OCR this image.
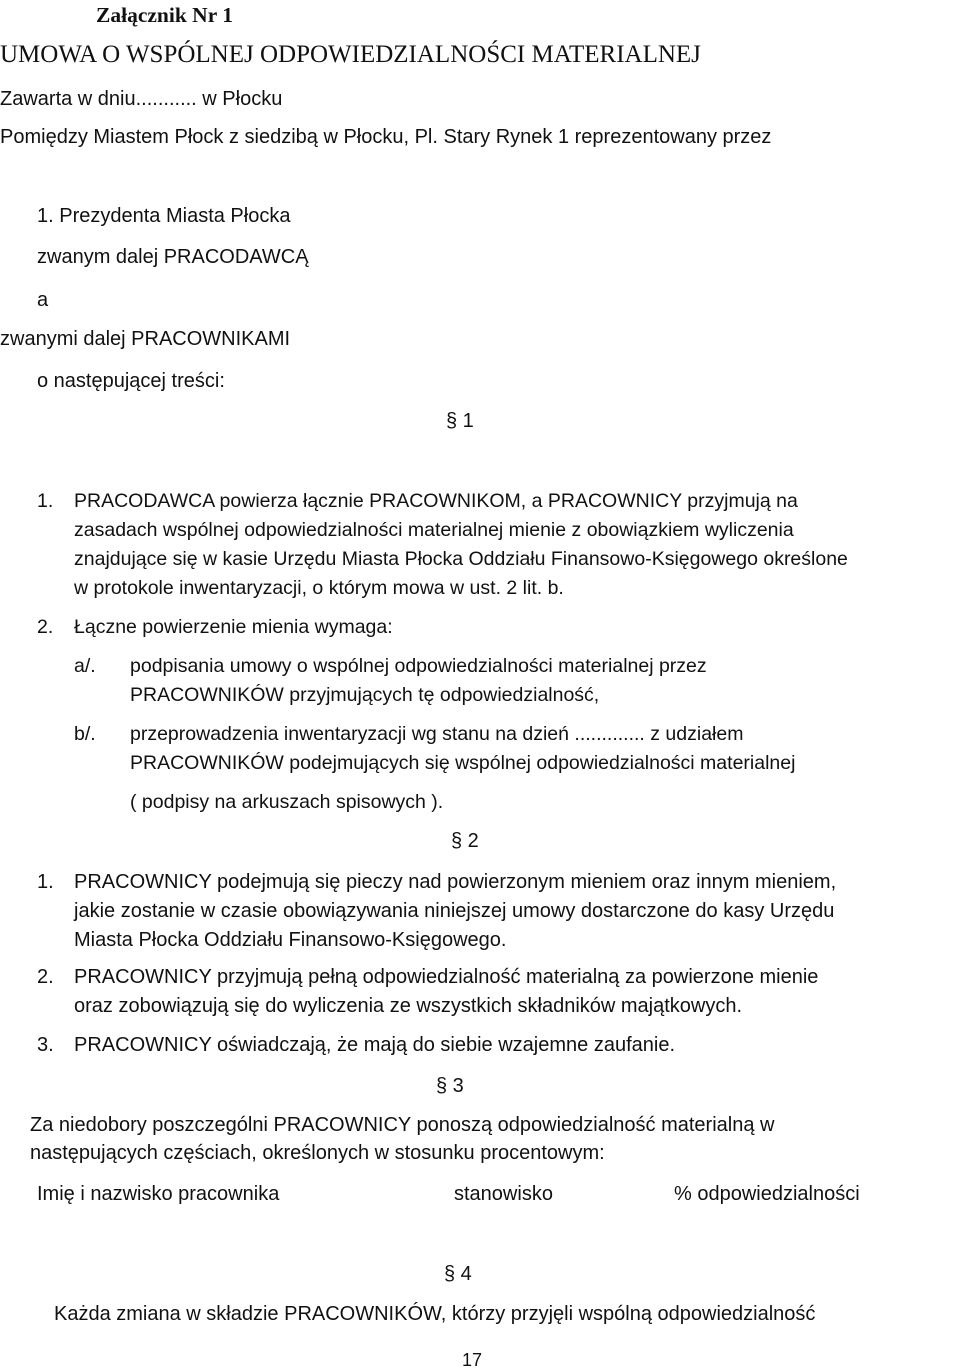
Załącznik Nr 1
UMOWA O WSPÓLNEJ ODPOWIEDZIALNOŚCI MATERIALNEJ
Zawarta w dniu........... w Płocku
Pomiędzy Miastem Płock z siedzibą w Płocku, Pl. Stary Rynek 1 reprezentowany przez
1. Prezydenta Miasta Płocka
zwanym dalej PRACODAWCĄ
a
zwanymi dalej PRACOWNIKAMI
o następującej treści:
§ 1
1. PRACODAWCA powierza łącznie PRACOWNIKOM, a PRACOWNICY przyjmują na
zasadach wspólnej odpowiedzialności materialnej mienie z obowiązkiem wyliczenia
znajdujące się w kasie Urzędu Miasta Płocka Oddziału Finansowo-Księgowego określone
w protokole inwentaryzacji, o którym mowa w ust. 2 lit. b.
2. Łączne powierzenie mienia wymaga:
a/. podpisania umowy o wspólnej odpowiedzialności materialnej przez
PRACOWNIKÓW przyjmujących tę odpowiedzialność,
b/. przeprowadzenia inwentaryzacji wg stanu na dzień ............. z udziałem
PRACOWNIKÓW podejmujących się wspólnej odpowiedzialności materialnej
( podpisy na arkuszach spisowych ).
§ 2
1. PRACOWNICY podejmują się pieczy nad powierzonym mieniem oraz innym mieniem,
jakie zostanie w czasie obowiązywania niniejszej umowy dostarczone do kasy Urzędu
Miasta Płocka Oddziału Finansowo-Księgowego.
2. PRACOWNICY przyjmują pełną odpowiedzialność materialną za powierzone mienie
oraz zobowiązują się do wyliczenia ze wszystkich składników majątkowych.
3. PRACOWNICY oświadczają, że mają do siebie wzajemne zaufanie.
§ 3
Za niedobory poszczególni PRACOWNICY ponoszą odpowiedzialność materialną w
następujących częściach, określonych w stosunku procentowym:
Imię i nazwisko pracownika	stanowisko	% odpowiedzialności
§ 4
Każda zmiana w składzie PRACOWNIKÓW, którzy przyjęli wspólną odpowiedzialność
17
